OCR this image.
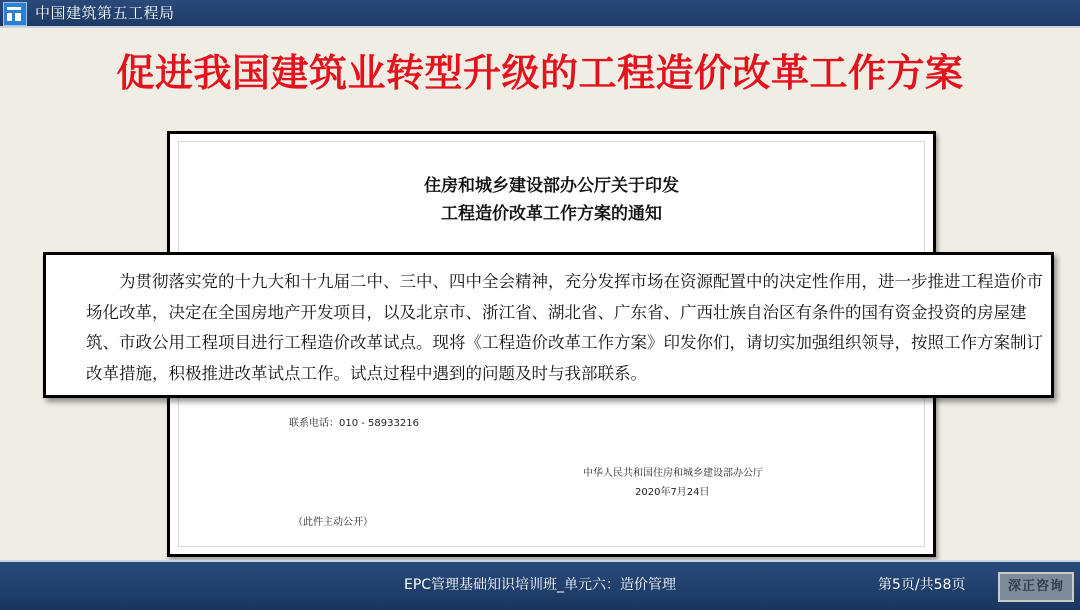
中国建筑第五工程局
促进我国建筑业转型升级的工程造价改革工作方案
住房和城乡建设部办公厅关于印发
工程造价改革工作方案的通知
联系电话：010 - 58933216
中华人民共和国住房和城乡建设部办公厅
2020年7月24日
（此件主动公开）

为贯彻落实党的十九大和十九届二中、三中、四中全会精神，充分发挥市场在资源配置中的决定性作用，进一步推进工程造价市场化改革，决定在全国房地产开发项目，以及北京市、浙江省、湖北省、广东省、广西壮族自治区有条件的国有资金投资的房屋建筑、市政公用工程项目进行工程造价改革试点。现将《工程造价改革工作方案》印发你们，请切实加强组织领导，按照工作方案制订改革措施，积极推进改革试点工作。试点过程中遇到的问题及时与我部联系。

EPC管理基础知识培训班_单元六：造价管理	第5页/共58页	深正咨询
